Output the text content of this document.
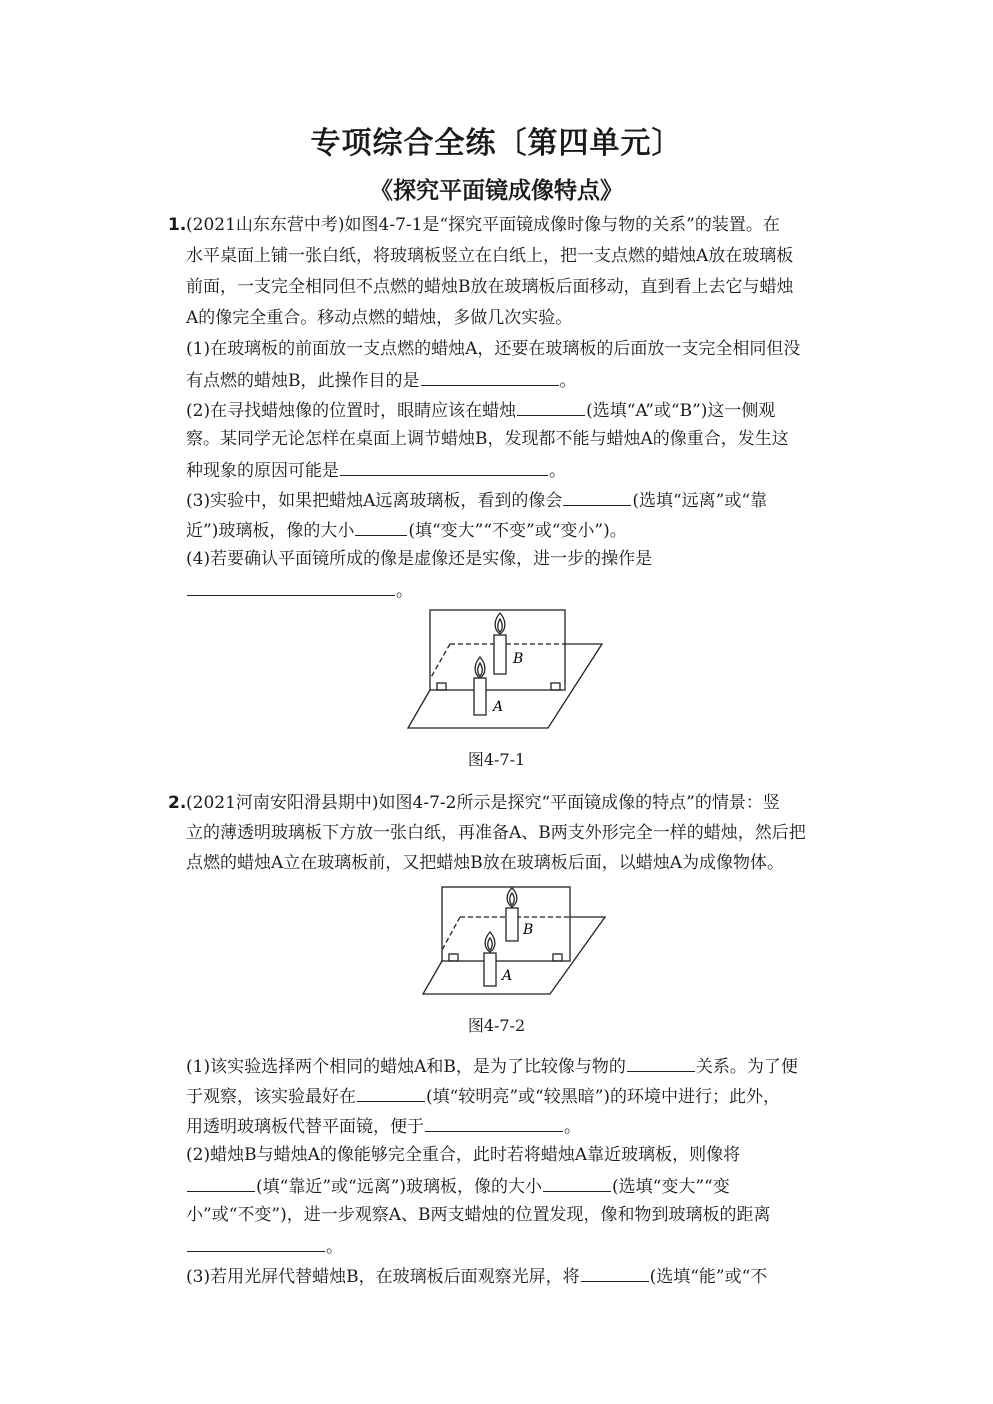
专项综合全练〔第四单元〕
《探究平面镜成像特点》
1. (2021山东东营中考)如图4-7-1是“探究平面镜成像时像与物的关系”的装置。在
水平桌面上铺一张白纸，将玻璃板竖立在白纸上，把一支点燃的蜡烛A放在玻璃板
前面，一支完全相同但不点燃的蜡烛B放在玻璃板后面移动，直到看上去它与蜡烛
A的像完全重合。移动点燃的蜡烛，多做几次实验。
(1)在玻璃板的前面放一支点燃的蜡烛A，还要在玻璃板的后面放一支完全相同但没
有点燃的蜡烛B，此操作目的是	。
(2)在寻找蜡烛像的位置时，眼睛应该在蜡烛	(选填“A”或“B”)这一侧观
察。某同学无论怎样在桌面上调节蜡烛B，发现都不能与蜡烛A的像重合，发生这
种现象的原因可能是	。
(3)实验中，如果把蜡烛A远离玻璃板，看到的像会	(选填“远离”或“靠
近”)玻璃板，像的大小	(填“变大”“不变”或“变小”)。
(4)若要确认平面镜所成的像是虚像还是实像，进一步的操作是
。
B
A
图4-7-1
2. (2021河南安阳滑县期中)如图4-7-2所示是探究“平面镜成像的特点”的情景：竖
立的薄透明玻璃板下方放一张白纸，再准备A、B两支外形完全一样的蜡烛，然后把
点燃的蜡烛A立在玻璃板前，又把蜡烛B放在玻璃板后面，以蜡烛A为成像物体。
B
A
图4-7-2
(1)该实验选择两个相同的蜡烛A和B，是为了比较像与物的	关系。为了便
于观察，该实验最好在	(填“较明亮”或“较黑暗”)的环境中进行；此外，
用透明玻璃板代替平面镜，便于	。
(2)蜡烛B与蜡烛A的像能够完全重合，此时若将蜡烛A靠近玻璃板，则像将
(填“靠近”或“远离”)玻璃板，像的大小	(选填“变大”“变
小”或“不变”)，进一步观察A、B两支蜡烛的位置发现，像和物到玻璃板的距离
。
(3)若用光屏代替蜡烛B，在玻璃板后面观察光屏，将	(选填“能”或“不
